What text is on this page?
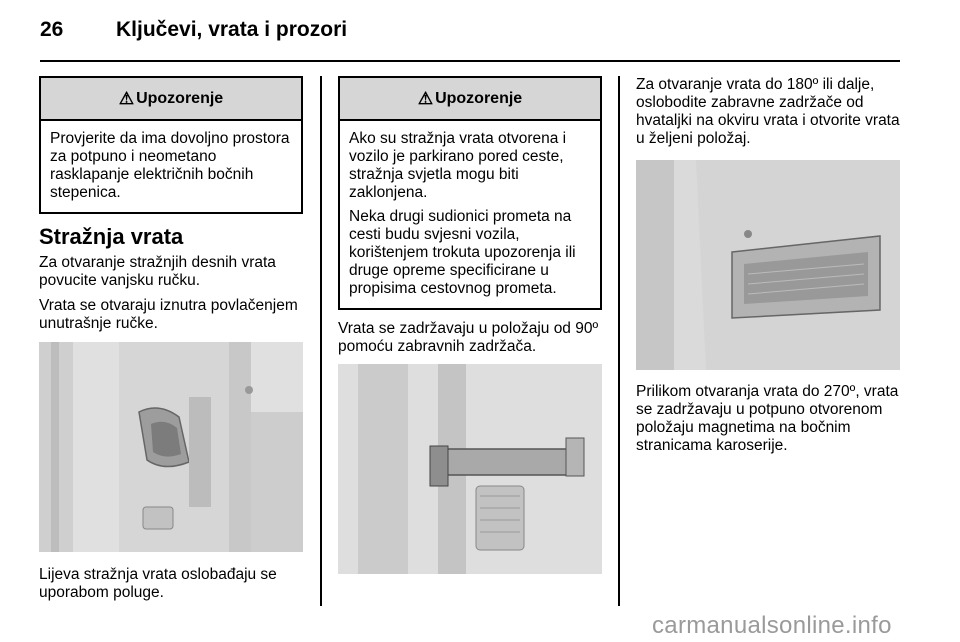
26	Ključevi, vrata i prozori
⚠ Upozorenje

Provjerite da ima dovoljno prostora za potpuno i neometano rasklapanje električnih bočnih stepenica.

Stražnja vrata

Za otvaranje stražnjih desnih vrata povucite vanjsku ručku.

Vrata se otvaraju iznutra povlačenjem unutrašnje ručke.

Lijeva stražnja vrata oslobađaju se uporabom poluge.

⚠ Upozorenje

Ako su stražnja vrata otvorena i vozilo je parkirano pored ceste, stražnja svjetla mogu biti zaklonjena.

Neka drugi sudionici prometa na cesti budu svjesni vozila, korištenjem trokuta upozorenja ili druge opreme specificirane u propisima cestovnog prometa.

Vrata se zadržavaju u položaju od 90º pomoću zabravnih zadržača.

Za otvaranje vrata do 180º ili dalje, oslobodite zabravne zadržače od hvataljki na okviru vrata i otvorite vrata u željeni položaj.

Prilikom otvaranja vrata do 270º, vrata se zadržavaju u potpuno otvorenom položaju magnetima na bočnim stranicama karoserije.

carmanualsonline.info
